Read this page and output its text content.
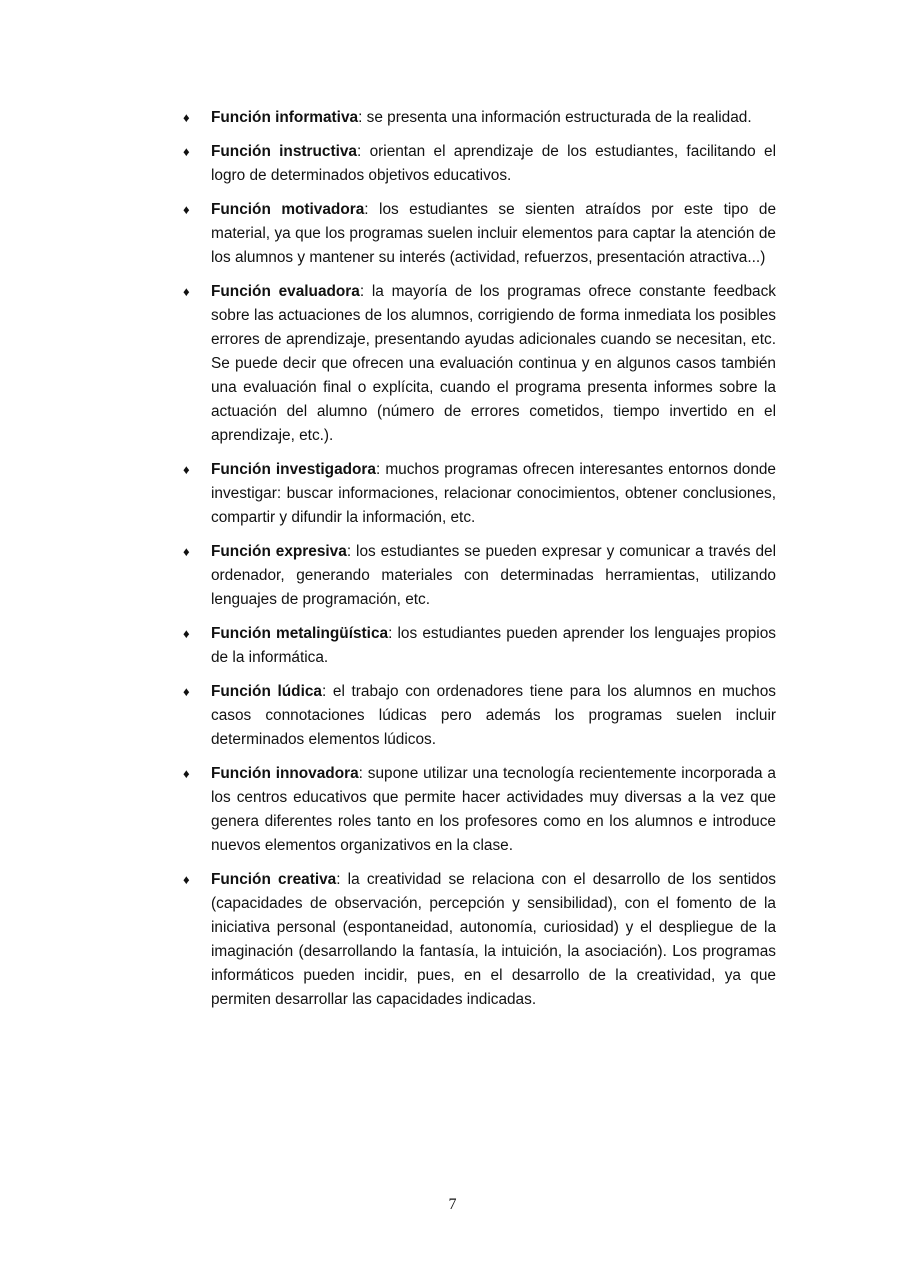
♦ Función informativa: se presenta una información estructurada de la realidad.
♦ Función instructiva: orientan el aprendizaje de los estudiantes, facilitando el logro de determinados objetivos educativos.
♦ Función motivadora: los estudiantes se sienten atraídos por este tipo de material, ya que los programas suelen incluir elementos para captar la atención de los alumnos y mantener su interés (actividad, refuerzos, presentación atractiva...)
♦ Función evaluadora: la mayoría de los programas ofrece constante feedback sobre las actuaciones de los alumnos, corrigiendo de forma inmediata los posibles errores de aprendizaje, presentando ayudas adicionales cuando se necesitan, etc. Se puede decir que ofrecen una evaluación continua y en algunos casos también una evaluación final o explícita, cuando el programa presenta informes sobre la actuación del alumno (número de errores cometidos, tiempo invertido en el aprendizaje, etc.).
♦ Función investigadora: muchos programas ofrecen interesantes entornos donde investigar: buscar informaciones, relacionar conocimientos, obtener conclusiones, compartir y difundir la información, etc.
♦ Función expresiva: los estudiantes se pueden expresar y comunicar a través del ordenador, generando materiales con determinadas herramientas, utilizando lenguajes de programación, etc.
♦ Función metalingüística: los estudiantes pueden aprender los lenguajes propios de la informática.
♦ Función lúdica: el trabajo con ordenadores tiene para los alumnos en muchos casos connotaciones lúdicas pero además los programas suelen incluir determinados elementos lúdicos.
♦ Función innovadora: supone utilizar una tecnología recientemente incorporada a los centros educativos que permite hacer actividades muy diversas a la vez que genera diferentes roles tanto en los profesores como en los alumnos e introduce nuevos elementos organizativos en la clase.
♦ Función creativa: la creatividad se relaciona con el desarrollo de los sentidos (capacidades de observación, percepción y sensibilidad), con el fomento de la iniciativa personal (espontaneidad, autonomía, curiosidad) y el despliegue de la imaginación (desarrollando la fantasía, la intuición, la asociación). Los programas informáticos pueden incidir, pues, en el desarrollo de la creatividad, ya que permiten desarrollar las capacidades indicadas.
7
